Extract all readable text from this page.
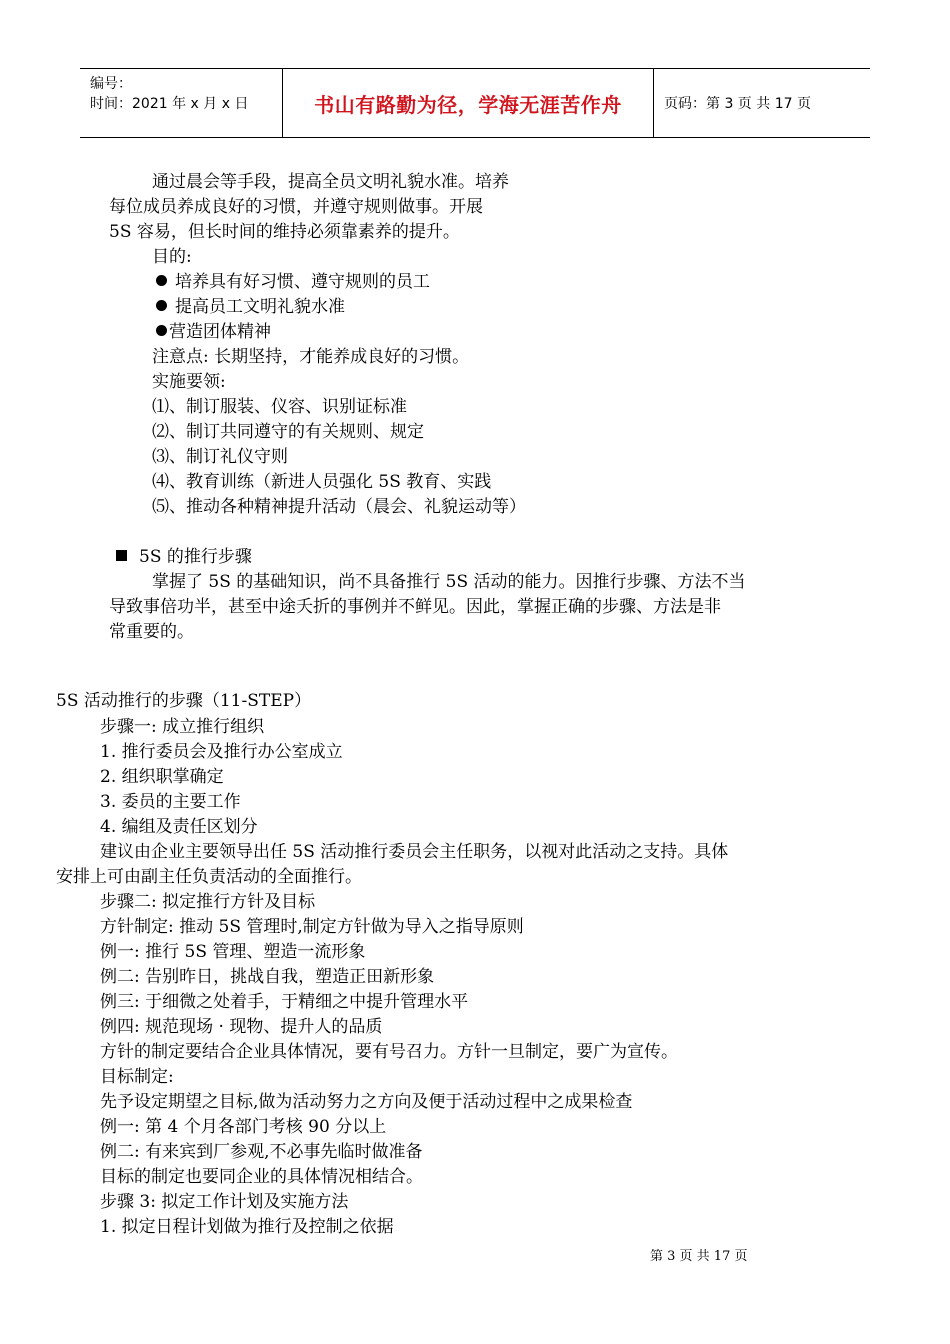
编号：
时间：2021 年 x 月 x 日	书山有路勤为径，学海无涯苦作舟	页码：第 3 页 共 17 页
通过晨会等手段，提高全员文明礼貌水准。培养
每位成员养成良好的习惯，并遵守规则做事。开展
5S 容易，但长时间的维持必须靠素养的提升。
目的:
培养具有好习惯、遵守规则的员工
提高员工文明礼貌水准
营造团体精神
注意点: 长期坚持，才能养成良好的习惯。
实施要领:
⑴、制订服装、仪容、识别证标准
⑵、制订共同遵守的有关规则、规定
⑶、制订礼仪守则
⑷、教育训练（新进人员强化 5S 教育、实践
⑸、推动各种精神提升活动（晨会、礼貌运动等）
5S 的推行步骤
掌握了 5S 的基础知识，尚不具备推行 5S 活动的能力。因推行步骤、方法不当
导致事倍功半，甚至中途夭折的事例并不鲜见。因此，掌握正确的步骤、方法是非
常重要的。
5S 活动推行的步骤（11-STEP）
步骤一: 成立推行组织
1. 推行委员会及推行办公室成立
2. 组织职掌确定
3. 委员的主要工作
4. 编组及责任区划分
建议由企业主要领导出任 5S 活动推行委员会主任职务，以视对此活动之支持。具体
安排上可由副主任负责活动的全面推行。
步骤二: 拟定推行方针及目标
方针制定: 推动 5S 管理时,制定方针做为导入之指导原则
例一: 推行 5S 管理、塑造一流形象
例二: 告别昨日，挑战自我，塑造正田新形象
例三: 于细微之处着手，于精细之中提升管理水平
例四: 规范现场 · 现物、提升人的品质
方针的制定要结合企业具体情况，要有号召力。方针一旦制定，要广为宣传。
目标制定:
先予设定期望之目标,做为活动努力之方向及便于活动过程中之成果检查
例一: 第 4 个月各部门考核 90 分以上
例二: 有来宾到厂参观,不必事先临时做准备
目标的制定也要同企业的具体情况相结合。
步骤 3: 拟定工作计划及实施方法
1. 拟定日程计划做为推行及控制之依据
第 3 页 共 17 页
